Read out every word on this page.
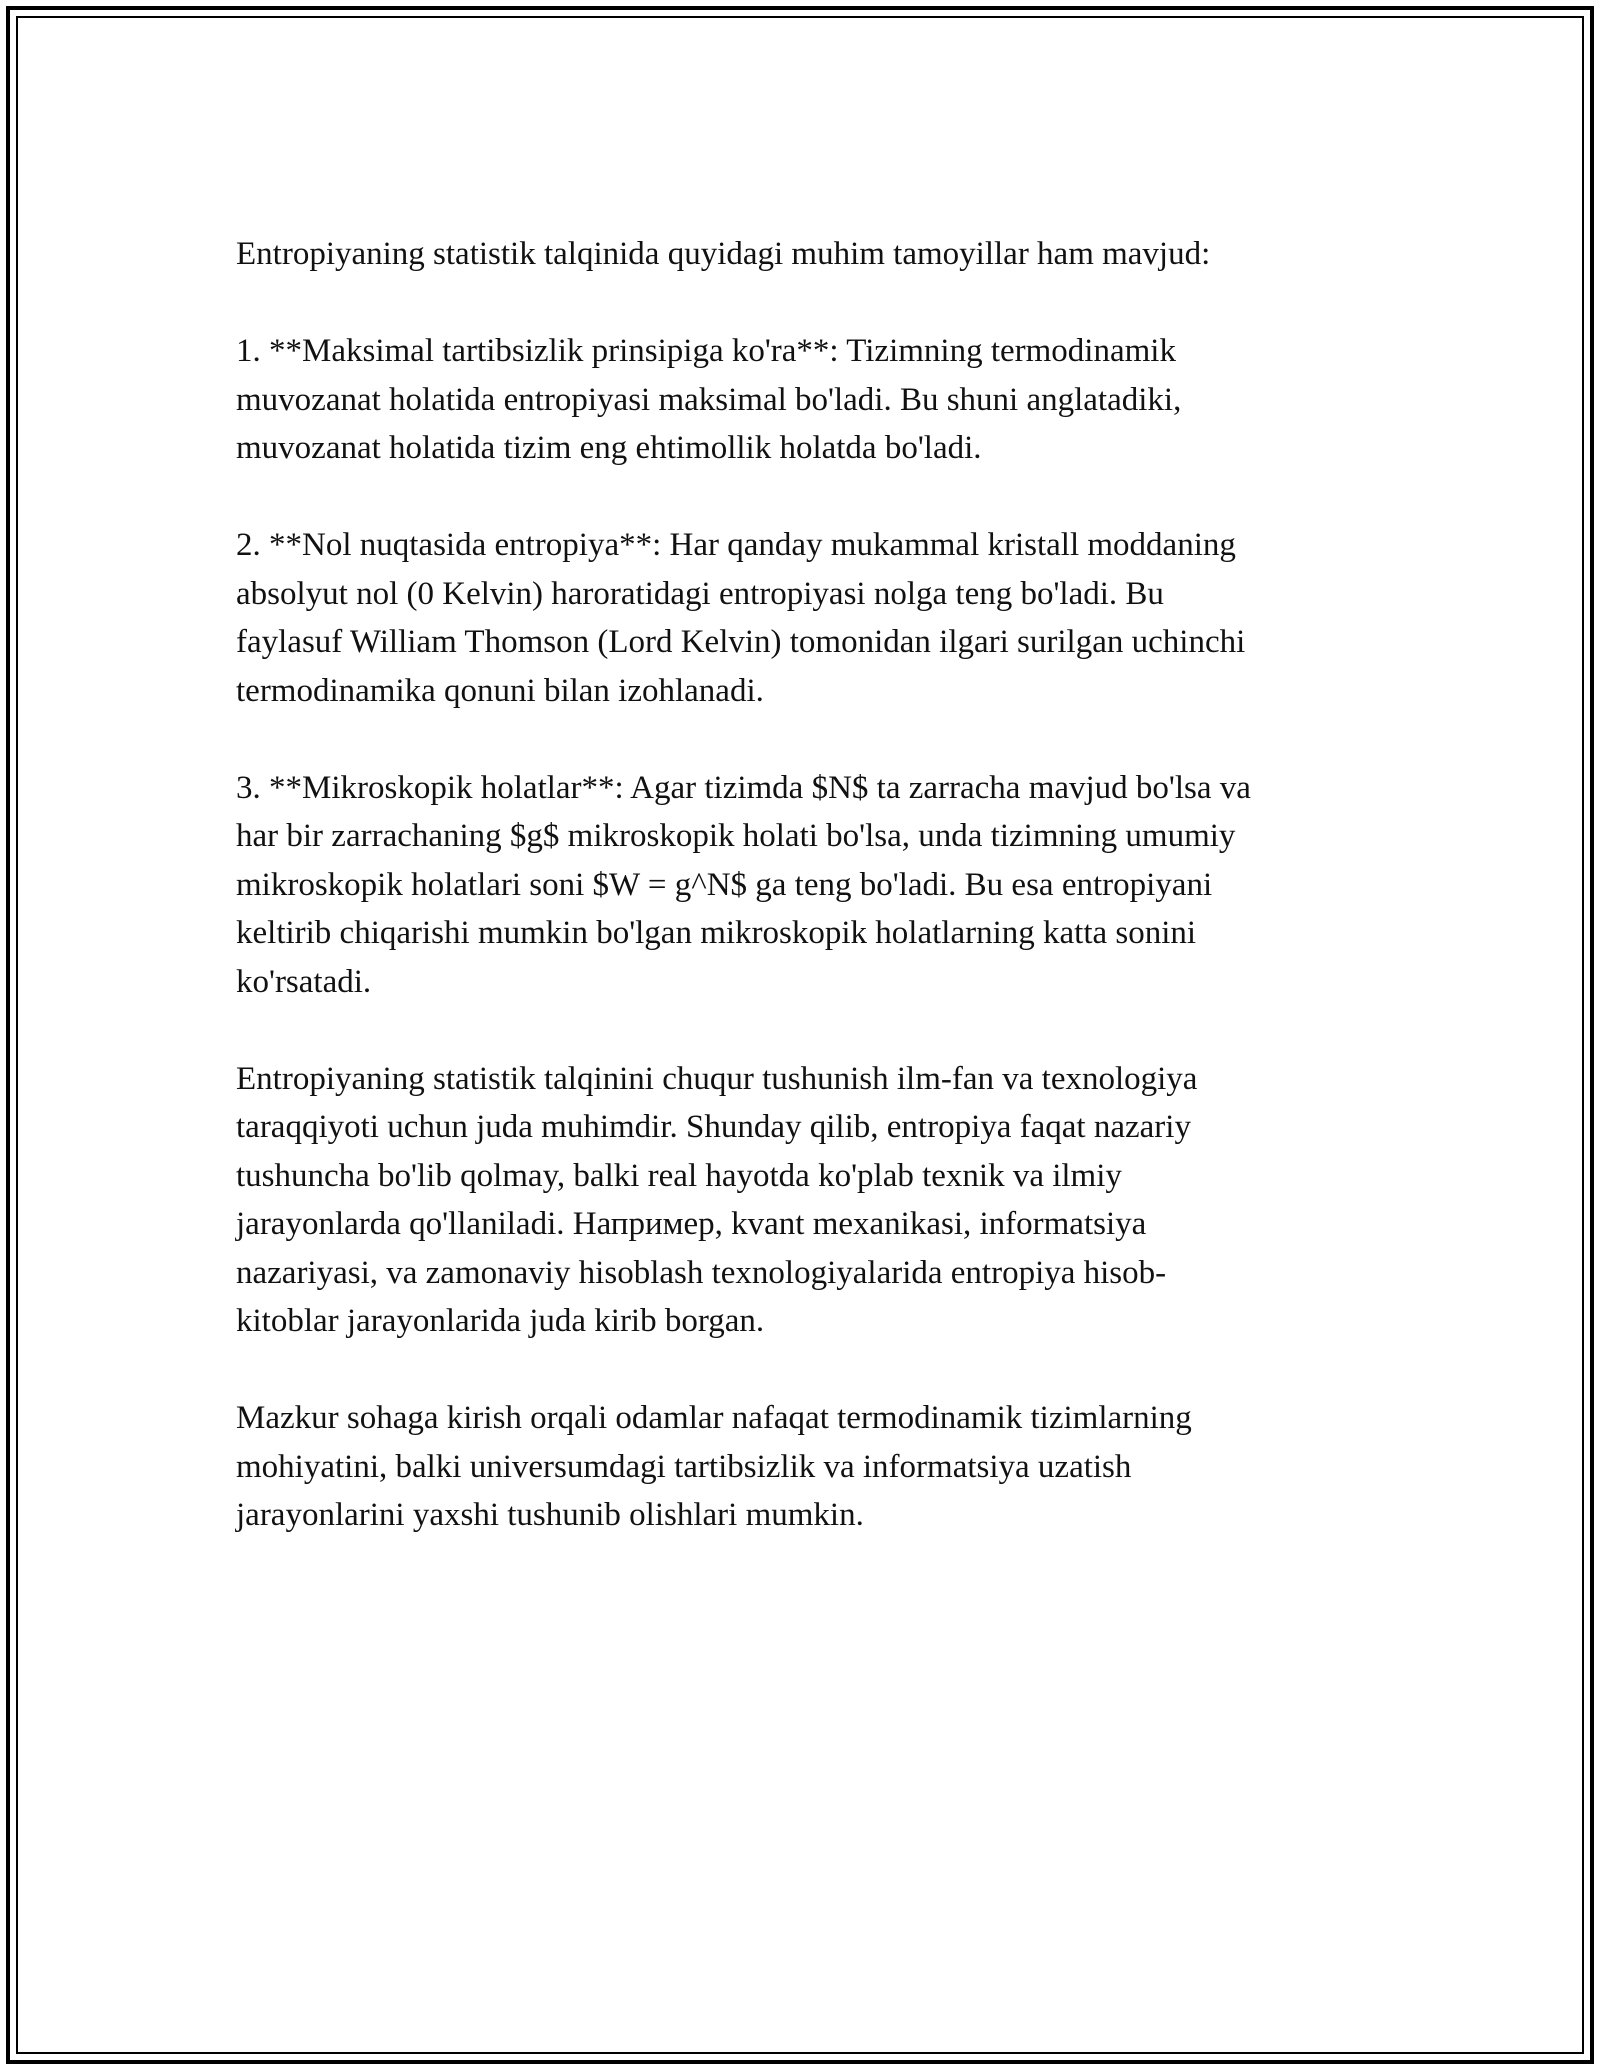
Entropiyaning statistik talqinida quyidagi muhim tamoyillar ham mavjud:

1. **Maksimal tartibsizlik prinsipiga ko'ra**: Tizimning termodinamik
muvozanat holatida entropiyasi maksimal bo'ladi. Bu shuni anglatadiki,
muvozanat holatida tizim eng ehtimollik holatda bo'ladi.

2. **Nol nuqtasida entropiya**: Har qanday mukammal kristall moddaning
absolyut nol (0 Kelvin) haroratidagi entropiyasi nolga teng bo'ladi. Bu
faylasuf William Thomson (Lord Kelvin) tomonidan ilgari surilgan uchinchi
termodinamika qonuni bilan izohlanadi.

3. **Mikroskopik holatlar**: Agar tizimda $N$ ta zarracha mavjud bo'lsa va
har bir zarrachaning $g$ mikroskopik holati bo'lsa, unda tizimning umumiy
mikroskopik holatlari soni $W = g^N$ ga teng bo'ladi. Bu esa entropiyani
keltirib chiqarishi mumkin bo'lgan mikroskopik holatlarning katta sonini
ko'rsatadi.

Entropiyaning statistik talqinini chuqur tushunish ilm-fan va texnologiya
taraqqiyoti uchun juda muhimdir. Shunday qilib, entropiya faqat nazariy
tushuncha bo'lib qolmay, balki real hayotda ko'plab texnik va ilmiy
jarayonlarda qo'llaniladi. Например, kvant mexanikasi, informatsiya
nazariyasi, va zamonaviy hisoblash texnologiyalarida entropiya hisob-
kitoblar jarayonlarida juda kirib borgan.

Mazkur sohaga kirish orqali odamlar nafaqat termodinamik tizimlarning
mohiyatini, balki universumdagi tartibsizlik va informatsiya uzatish
jarayonlarini yaxshi tushunib olishlari mumkin.
